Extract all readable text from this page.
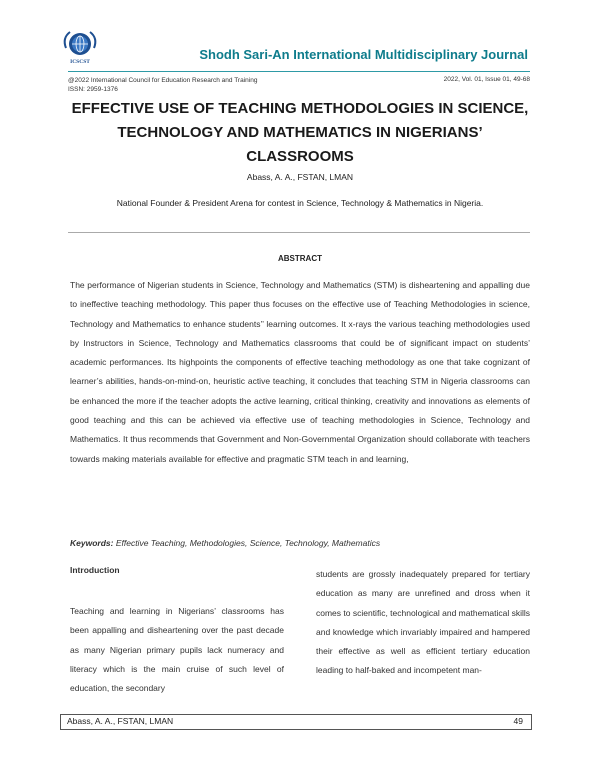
ICSCST	Shodh Sari-An International Multidisciplinary Journal
@2022 International Council for Education Research and Training
ISSN: 2959-1376
2022, Vol. 01, Issue 01, 49-68
EFFECTIVE USE OF TEACHING METHODOLOGIES IN SCIENCE, TECHNOLOGY AND MATHEMATICS IN NIGERIANS’ CLASSROOMS
Abass, A. A., FSTAN, LMAN
National Founder & President Arena for contest in Science, Technology & Mathematics in Nigeria.
ABSTRACT
The performance of Nigerian students in Science, Technology and Mathematics (STM) is disheartening and appalling due to ineffective teaching methodology. This paper thus focuses on the effective use of Teaching Methodologies in science, Technology and Mathematics to enhance students’’ learning outcomes. It x-rays the various teaching methodologies used by Instructors in Science, Technology and Mathematics classrooms that could be of significant impact on students’ academic performances. Its highpoints the components of effective teaching methodology as one that take cognizant of learner’s abilities, hands-on-mind-on, heuristic active teaching, it concludes that teaching STM in Nigeria classrooms can be enhanced the more if the teacher adopts the active learning, critical thinking, creativity and innovations as elements of good teaching and this can be achieved via effective use of teaching methodologies in Science, Technology and Mathematics. It thus recommends that Government and Non-Governmental Organization should collaborate with teachers towards making materials available for effective and pragmatic STM teach in and learning,
Keywords: Effective Teaching, Methodologies, Science, Technology, Mathematics
Introduction

Teaching and learning in Nigerians’ classrooms has been appalling and disheartening over the past decade as many Nigerian primary pupils lack numeracy and literacy which is the main cruise of such level of education, the secondary

students are grossly inadequately prepared for tertiary education as many are unrefined and dross when it comes to scientific, technological and mathematical skills and knowledge which invariably impaired and hampered their effective as well as efficient tertiary education leading to half-baked and incompetent man-

Abass, A. A., FSTAN, LMAN	49
